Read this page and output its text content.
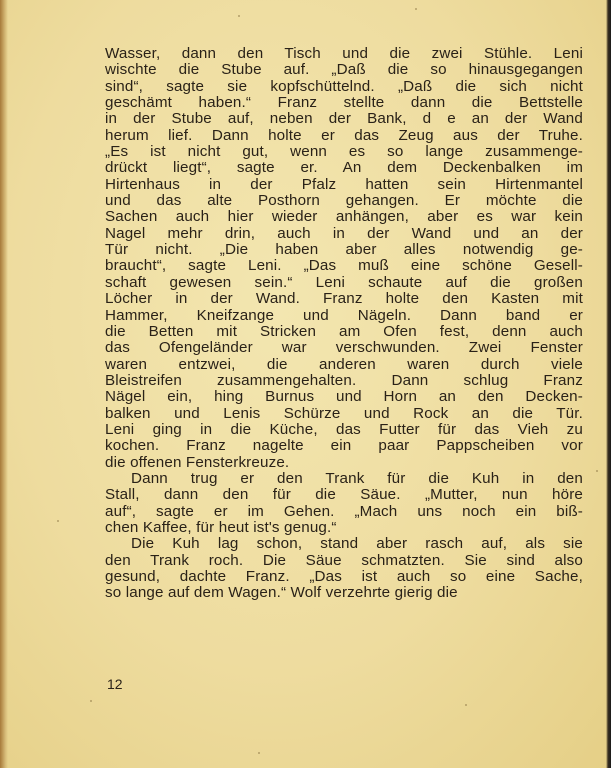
Wasser, dann den Tisch und die zwei Stühle. Leni
wischte die Stube auf. „Daß die so hinausgegangen
sind“, sagte sie kopfschüttelnd. „Daß die sich nicht
geschämt haben.“ Franz stellte dann die Bettstelle
in der Stube auf, neben der Bank, d e an der Wand
herum lief. Dann holte er das Zeug aus der Truhe.
„Es ist nicht gut, wenn es so lange zusammenge-
drückt liegt“, sagte er. An dem Deckenbalken im
Hirtenhaus in der Pfalz hatten sein Hirtenmantel
und das alte Posthorn gehangen. Er möchte die
Sachen auch hier wieder anhängen, aber es war kein
Nagel mehr drin, auch in der Wand und an der
Tür nicht. „Die haben aber alles notwendig ge-
braucht“, sagte Leni. „Das muß eine schöne Gesell-
schaft gewesen sein.“ Leni schaute auf die großen
Löcher in der Wand. Franz holte den Kasten mit
Hammer, Kneifzange und Nägeln. Dann band er
die Betten mit Stricken am Ofen fest, denn auch
das Ofengeländer war verschwunden. Zwei Fenster
waren entzwei, die anderen waren durch viele
Bleistreifen zusammengehalten. Dann schlug Franz
Nägel ein, hing Burnus und Horn an den Decken-
balken und Lenis Schürze und Rock an die Tür.
Leni ging in die Küche, das Futter für das Vieh zu
kochen. Franz nagelte ein paar Pappscheiben vor
die offenen Fensterkreuze.
Dann trug er den Trank für die Kuh in den
Stall, dann den für die Säue. „Mutter, nun höre
auf“, sagte er im Gehen. „Mach uns noch ein biß-
chen Kaffee, für heut ist's genug.“
Die Kuh lag schon, stand aber rasch auf, als sie
den Trank roch. Die Säue schmatzten. Sie sind also
gesund, dachte Franz. „Das ist auch so eine Sache,
so lange auf dem Wagen.“ Wolf verzehrte gierig die
12
